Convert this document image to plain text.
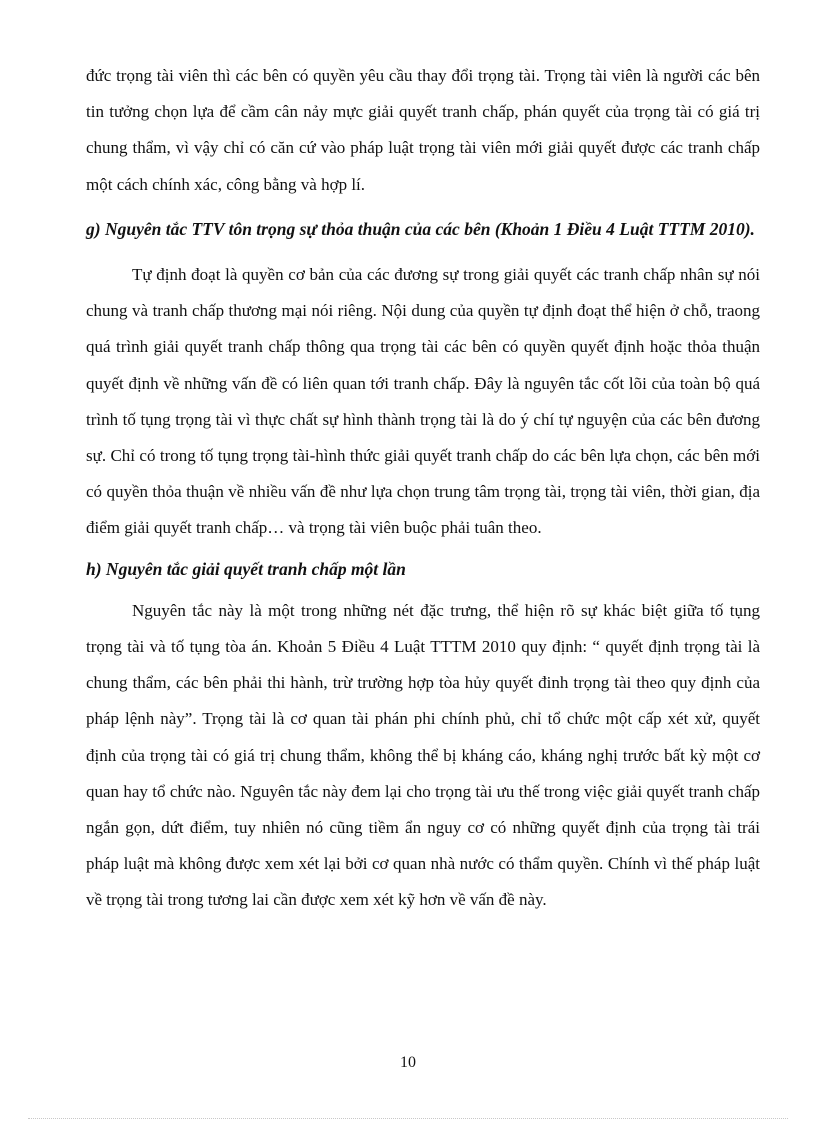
đức trọng tài viên thì các bên có quyền yêu cầu thay đổi trọng tài. Trọng tài viên là người các bên tin tưởng chọn lựa để cầm cân nảy mực giải quyết tranh chấp, phán quyết của trọng tài có giá trị chung thẩm, vì vậy chỉ có căn cứ vào pháp luật trọng tài viên mới giải quyết được các tranh chấp một cách chính xác, công bằng và hợp lí.

g) Nguyên tắc TTV tôn trọng sự thỏa thuận của các bên (Khoản 1 Điều 4 Luật TTTM 2010).

Tự định đoạt là quyền cơ bản của các đương sự trong giải quyết các tranh chấp nhân sự nói chung và tranh chấp thương mại nói riêng. Nội dung của quyền tự định đoạt thể hiện ở chỗ, traong quá trình giải quyết tranh chấp thông qua trọng tài các bên có quyền quyết định hoặc thỏa thuận quyết định về những vấn đề có liên quan tới tranh chấp. Đây là nguyên tắc cốt lõi của toàn bộ quá trình tố tụng trọng tài vì thực chất sự hình thành trọng tài là do ý chí tự nguyện của các bên đương sự. Chỉ có trong tố tụng trọng tài-hình thức giải quyết tranh chấp do các bên lựa chọn, các bên mới có quyền thỏa thuận về nhiều vấn đề như lựa chọn trung tâm trọng tài, trọng tài viên, thời gian, địa điểm giải quyết tranh chấp… và trọng tài viên buộc phải tuân theo.

h) Nguyên tắc giải quyết tranh chấp một lần

Nguyên tắc này là một trong những nét đặc trưng, thể hiện rõ sự khác biệt giữa tố tụng trọng tài và tố tụng tòa án. Khoản 5 Điều 4 Luật TTTM 2010 quy định: “ quyết định trọng tài là chung thẩm, các bên phải thi hành, trừ trường hợp tòa hủy quyết đinh trọng tài theo quy định của pháp lệnh này”. Trọng tài là cơ quan tài phán phi chính phủ, chỉ tổ chức một cấp xét xử, quyết định của trọng tài có giá trị chung thẩm, không thể bị kháng cáo, kháng nghị trước bất kỳ một cơ quan hay tổ chức nào. Nguyên tắc này đem lại cho trọng tài ưu thế trong việc giải quyết tranh chấp ngắn gọn, dứt điểm, tuy nhiên nó cũng tiềm ẩn nguy cơ có những quyết định của trọng tài trái pháp luật mà không được xem xét lại bởi cơ quan nhà nước có thẩm quyền. Chính vì thế pháp luật về trọng tài trong tương lai cần được xem xét kỹ hơn về vấn đề này.

10
